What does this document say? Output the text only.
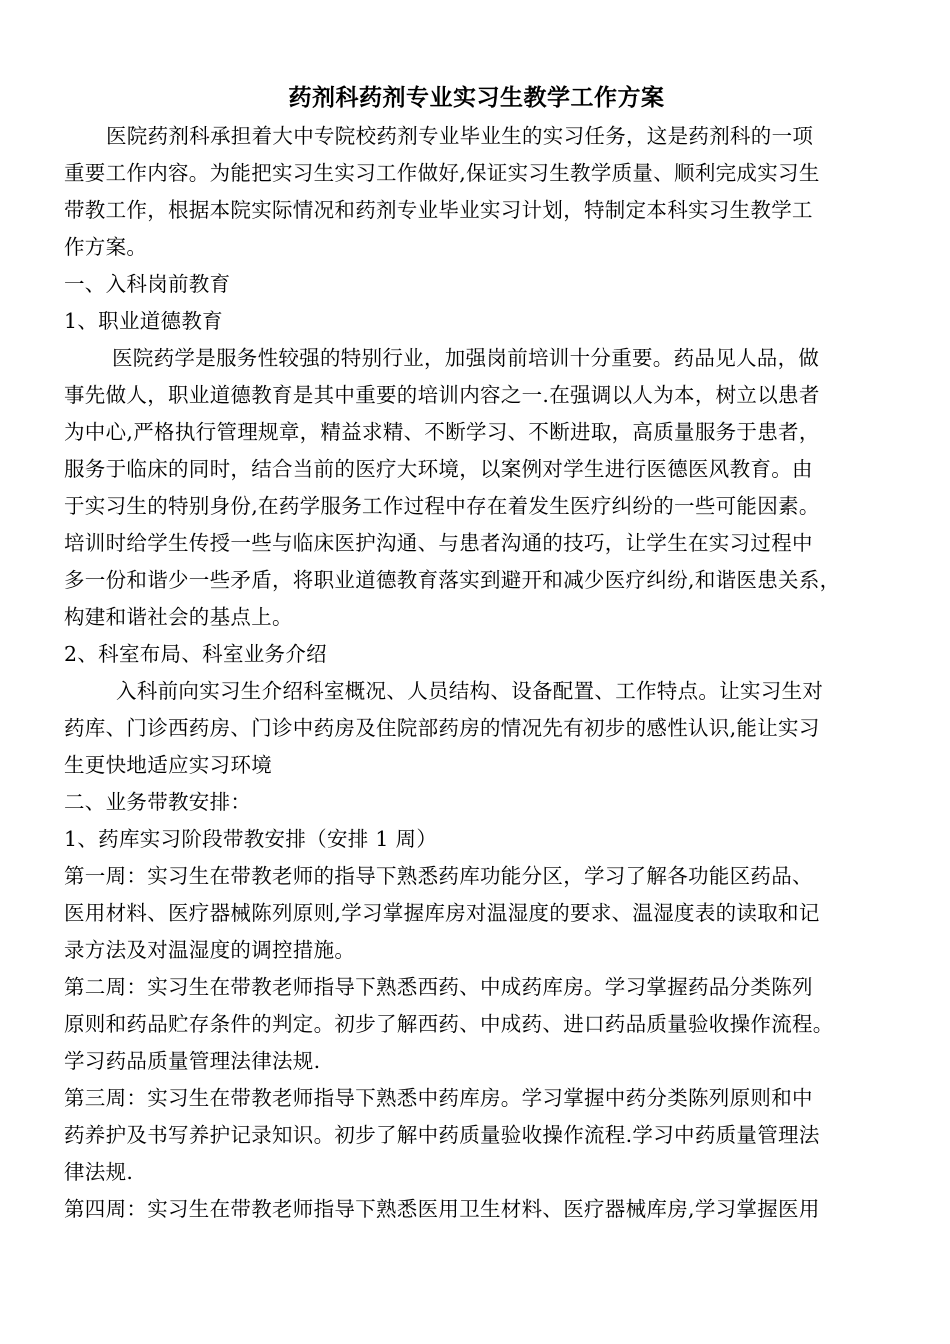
药剂科药剂专业实习生教学工作方案
医院药剂科承担着大中专院校药剂专业毕业生的实习任务，这是药剂科的一项
重要工作内容。为能把实习生实习工作做好,保证实习生教学质量、顺利完成实习生
带教工作，根据本院实际情况和药剂专业毕业实习计划，特制定本科实习生教学工
作方案。
一、入科岗前教育
1、职业道德教育
医院药学是服务性较强的特别行业，加强岗前培训十分重要。药品见人品，做
事先做人，职业道德教育是其中重要的培训内容之一.在强调以人为本，树立以患者
为中心,严格执行管理规章，精益求精、不断学习、不断进取，高质量服务于患者，
服务于临床的同时，结合当前的医疗大环境，以案例对学生进行医德医风教育。由
于实习生的特别身份,在药学服务工作过程中存在着发生医疗纠纷的一些可能因素。
培训时给学生传授一些与临床医护沟通、与患者沟通的技巧，让学生在实习过程中
多一份和谐少一些矛盾，将职业道德教育落实到避开和减少医疗纠纷,和谐医患关系，
构建和谐社会的基点上。
2、科室布局、科室业务介绍
入科前向实习生介绍科室概况、人员结构、设备配置、工作特点。让实习生对
药库、门诊西药房、门诊中药房及住院部药房的情况先有初步的感性认识,能让实习
生更快地适应实习环境
二、业务带教安排：
1、药库实习阶段带教安排（安排 1 周）
第一周：实习生在带教老师的指导下熟悉药库功能分区，学习了解各功能区药品、
医用材料、医疗器械陈列原则,学习掌握库房对温湿度的要求、温湿度表的读取和记
录方法及对温湿度的调控措施。
第二周：实习生在带教老师指导下熟悉西药、中成药库房。学习掌握药品分类陈列
原则和药品贮存条件的判定。初步了解西药、中成药、进口药品质量验收操作流程。
学习药品质量管理法律法规.
第三周：实习生在带教老师指导下熟悉中药库房。学习掌握中药分类陈列原则和中
药养护及书写养护记录知识。初步了解中药质量验收操作流程.学习中药质量管理法
律法规.
第四周：实习生在带教老师指导下熟悉医用卫生材料、医疗器械库房,学习掌握医用
